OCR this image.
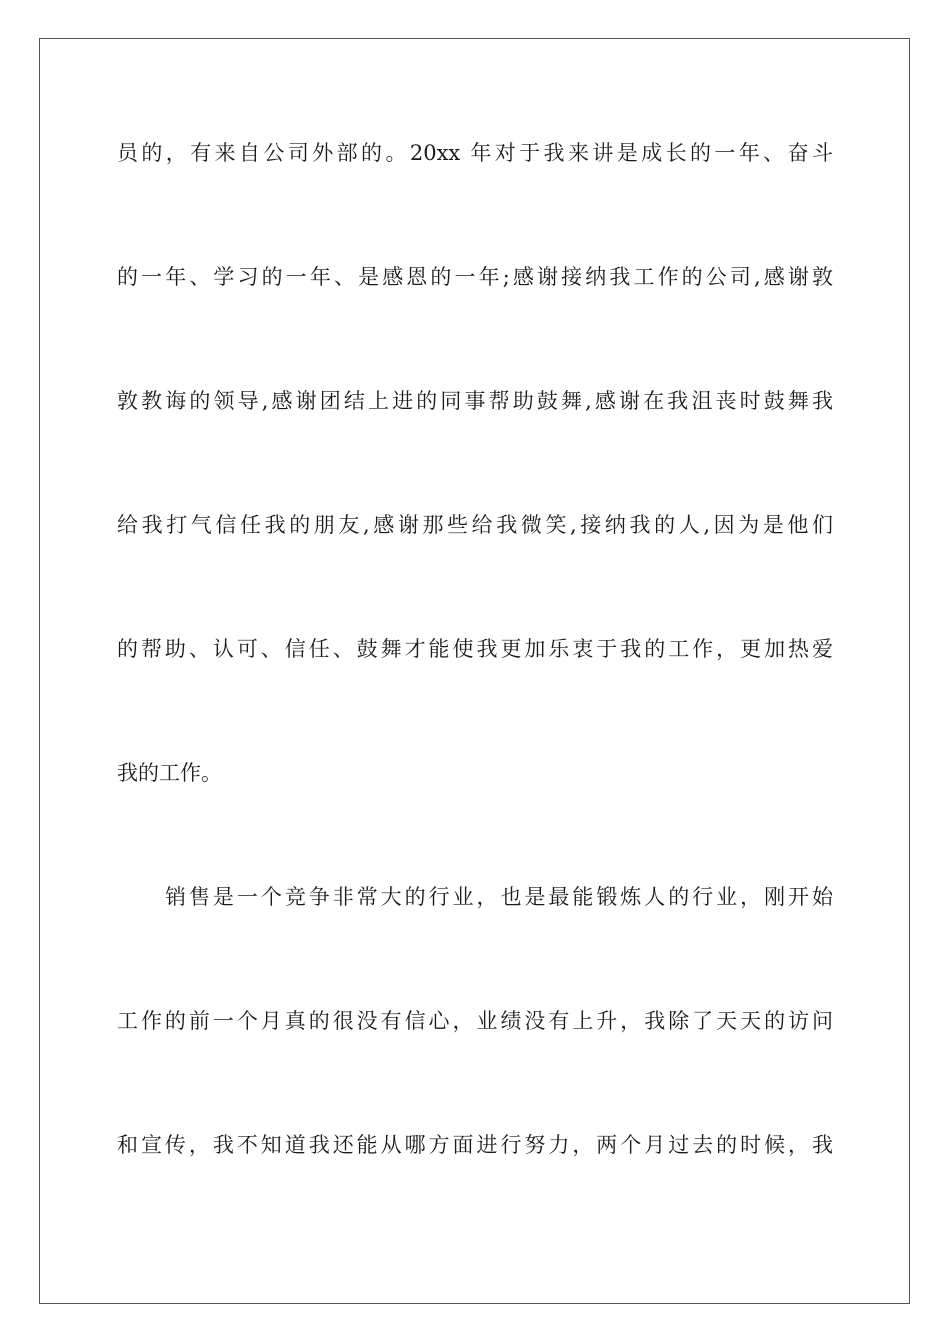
员的，有来自公司外部的。20xx 年对于我来讲是成长的一年、奋斗
的一年、学习的一年、是感恩的一年;感谢接纳我工作的公司,感谢敦
敦教诲的领导,感谢团结上进的同事帮助鼓舞,感谢在我沮丧时鼓舞我
给我打气信任我的朋友,感谢那些给我微笑,接纳我的人,因为是他们
的帮助、认可、信任、鼓舞才能使我更加乐衷于我的工作，更加热爱
我的工作。
销售是一个竞争非常大的行业，也是最能锻炼人的行业，刚开始
工作的前一个月真的很没有信心，业绩没有上升，我除了天天的访问
和宣传，我不知道我还能从哪方面进行努力，两个月过去的时候，我
